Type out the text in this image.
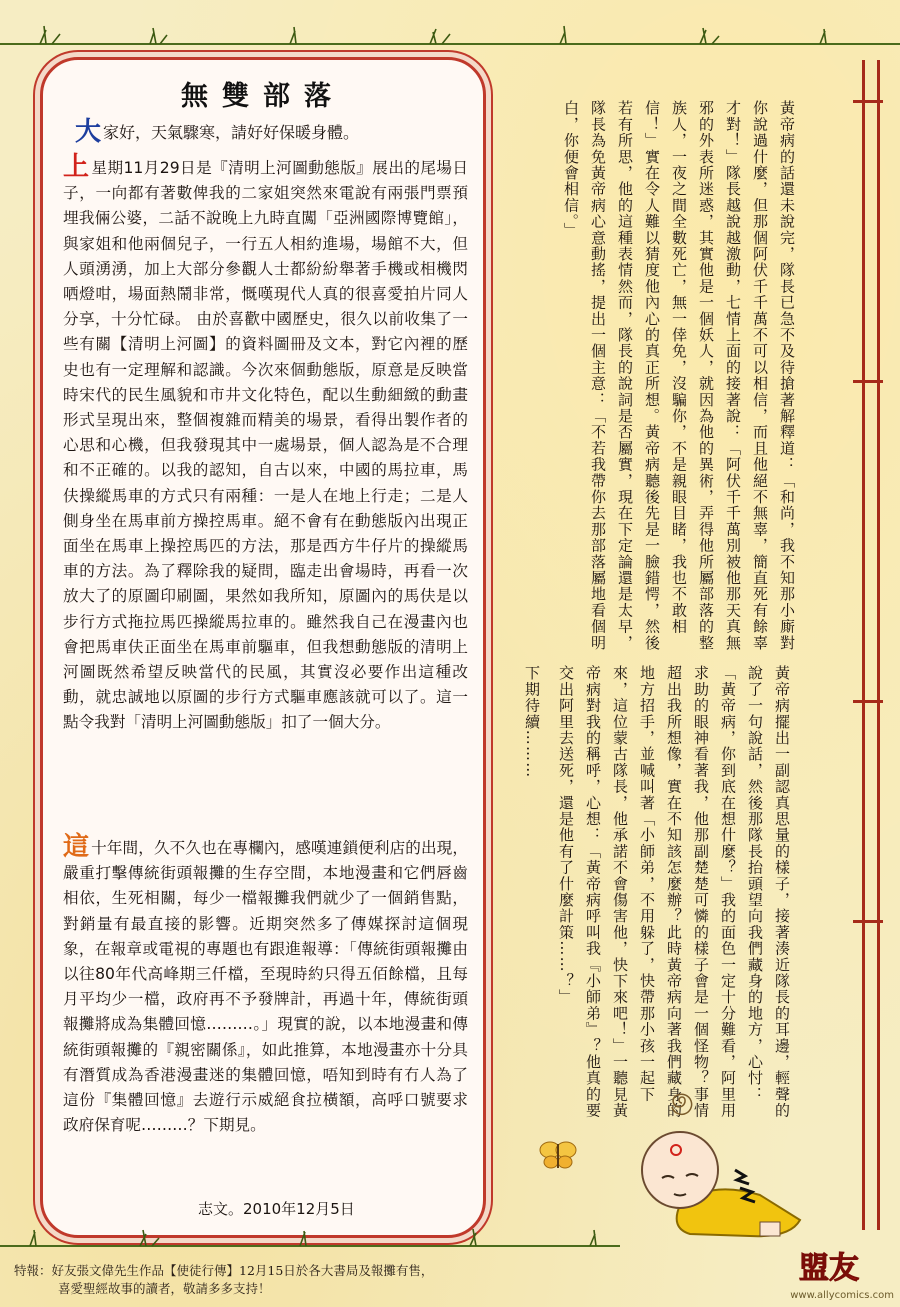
無雙部落
大家好，天氣驟寒，請好好保暖身體。
上星期11月29日是『清明上河圖動態版』展出的尾場日子，一向都有著數俾我的二家姐突然來電說有兩張門票預埋我倆公婆，二話不說晚上九時直闖「亞洲國際博覽館」，與家姐和他兩個兒子，一行五人相約進場，場館不大，但人頭湧湧，加上大部分參觀人士都紛紛舉著手機或相機閃哂燈咁，場面熱鬧非常，慨嘆現代人真的很喜愛拍片同人分享，十分忙碌。 由於喜歡中國歷史，很久以前收集了一些有關【清明上河圖】的資料圖冊及文本，對它內裡的歷史也有一定理解和認識。今次來個動態版，原意是反映當時宋代的民生風貌和市井文化特色，配以生動細緻的動畫形式呈現出來，整個複雜而精美的場景，看得出製作者的心思和心機，但我發現其中一處場景，個人認為是不合理和不正確的。以我的認知，自古以來，中國的馬拉車，馬伕操縱馬車的方式只有兩種：一是人在地上行走；二是人側身坐在馬車前方操控馬車。絕不會有在動態版內出現正面坐在馬車上操控馬匹的方法，那是西方牛仔片的操縱馬車的方法。為了釋除我的疑問，臨走出會場時，再看一次放大了的原圖印刷圖，果然如我所知，原圖內的馬伕是以步行方式拖拉馬匹操縱馬拉車的。雖然我自己在漫畫內也會把馬車伕正面坐在馬車前驅車，但我想動態版的清明上河圖既然希望反映當代的民風，其實沒必要作出這種改動，就忠誠地以原圖的步行方式驅車應該就可以了。這一點令我對「清明上河圖動態版」扣了一個大分。
這十年間，久不久也在專欄內，感嘆連鎖便利店的出現，嚴重打擊傳統街頭報攤的生存空間，本地漫畫和它們唇齒相依，生死相關，每少一檔報攤我們就少了一個銷售點，對銷量有最直接的影響。近期突然多了傳媒探討這個現象，在報章或電視的專題也有跟進報導：「傳統街頭報攤由以往80年代高峰期三仟檔，至現時約只得五佰餘檔，且每月平均少一檔，政府再不予發牌計，再過十年，傳統街頭報攤將成為集體回憶………。」現實的說，以本地漫畫和傳統街頭報攤的『親密關係』，如此推算，本地漫畫亦十分具有潛質成為香港漫畫迷的集體回憶，唔知到時有冇人為了這份『集體回憶』去遊行示威絕食拉橫額，高呼口號要求政府保育呢………？下期見。
志文。2010年12月5日
黃帝病的話還未說完，隊長已急不及待搶著解釋道：「和尚，我不知那小廝對你說過什麼，但那個阿伏千千萬不可以相信，而且他絕不無辜，簡直死有餘辜才對！」隊長越說越激動，七情上面的接著說：「阿伏千千萬別被他那天真無邪的外表所迷惑，其實他是一個妖人，就因為他的異術，弄得他所屬部落的整族人，一夜之間全數死亡，無一倖免，沒騙你，不是親眼目睹，我也不敢相信！」實在令人難以猜度他內心的真正所想。黃帝病聽後先是一臉錯愕，然後若有所思，他的這種表情然而，隊長的說詞是否屬實，現在下定論還是太早，隊長為免黃帝病心意動搖，提出一個主意：「不若我帶你去那部落屬地看個明白，你便會相信。」
黃帝病擺出一副認真思量的樣子，接著湊近隊長的耳邊，輕聲的說了一句說話，然後那隊長抬頭望向我們藏身的地方，心忖：「黃帝病，你到底在想什麼？」我的面色一定十分難看，阿里用求助的眼神看著我，他那副楚楚可憐的樣子會是一個怪物？事情超出我所想像，實在不知該怎麼辦？此時黃帝病向著我們藏身的地方招手，並喊叫著「小師弟，不用躲了，快帶那小孩一起下來，這位蒙古隊長，他承諾不會傷害他，快下來吧！」一聽見黃帝病對我的稱呼，心想：「黃帝病呼叫我『小師弟』？他真的要交出阿里去送死，還是他有了什麼計策……？」
下期待續………
特報：好友張文偉先生作品【使徒行傳】12月15日於各大書局及報攤有售，
喜愛聖經故事的讀者，敬請多多支持！
盟友
www.allycomics.com
